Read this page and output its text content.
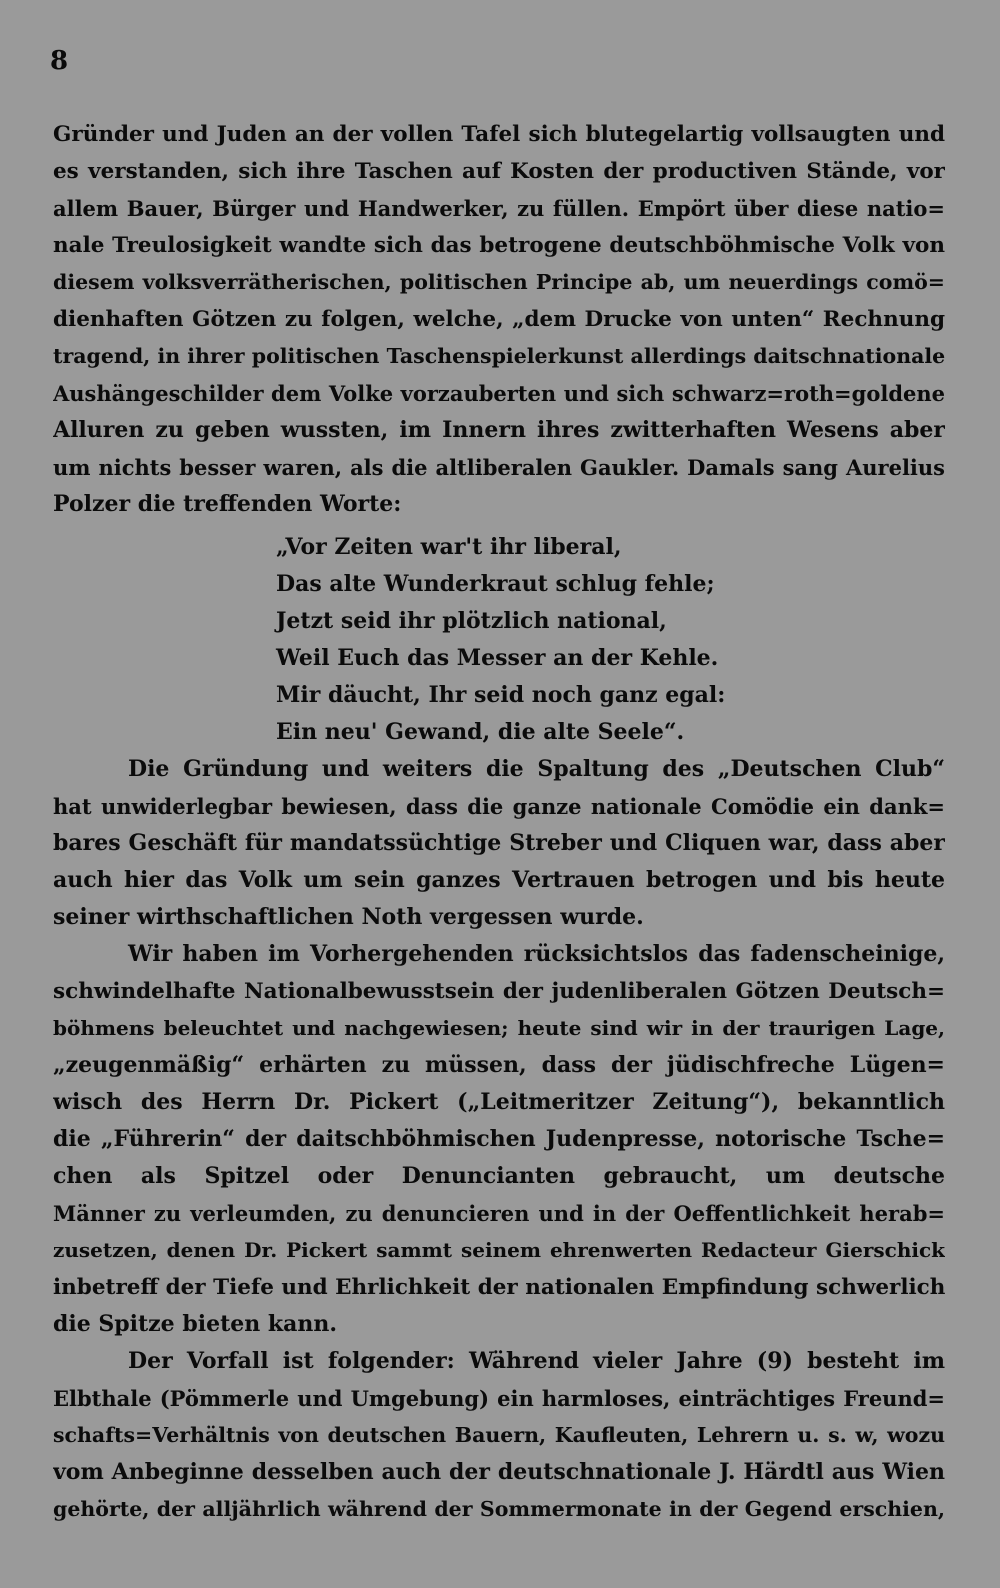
8
Gründer und Juden an der vollen Tafel sich blutegelartig vollsaugten und
es verstanden, sich ihre Taschen auf Kosten der productiven Stände, vor
allem Bauer, Bürger und Handwerker, zu füllen. Empört über diese natio=
nale Treulosigkeit wandte sich das betrogene deutschböhmische Volk von
diesem volksverrätherischen, politischen Principe ab, um neuerdings comö=
dienhaften Götzen zu folgen, welche, „dem Drucke von unten“ Rechnung
tragend, in ihrer politischen Taschenspielerkunst allerdings daitschnationale
Aushängeschilder dem Volke vorzauberten und sich schwarz=roth=goldene
Alluren zu geben wussten, im Innern ihres zwitterhaften Wesens aber
um nichts besser waren, als die altliberalen Gaukler. Damals sang Aurelius
Polzer die treffenden Worte:
„Vor Zeiten war't ihr liberal,
Das alte Wunderkraut schlug fehle;
Jetzt seid ihr plötzlich national,
Weil Euch das Messer an der Kehle.
Mir däucht, Ihr seid noch ganz egal:
Ein neu' Gewand, die alte Seele“.
Die Gründung und weiters die Spaltung des „Deutschen Club“
hat unwiderlegbar bewiesen, dass die ganze nationale Comödie ein dank=
bares Geschäft für mandatssüchtige Streber und Cliquen war, dass aber
auch hier das Volk um sein ganzes Vertrauen betrogen und bis heute
seiner wirthschaftlichen Noth vergessen wurde.
Wir haben im Vorhergehenden rücksichtslos das fadenscheinige,
schwindelhafte Nationalbewusstsein der judenliberalen Götzen Deutsch=
böhmens beleuchtet und nachgewiesen; heute sind wir in der traurigen Lage,
„zeugenmäßig“ erhärten zu müssen, dass der jüdischfreche Lügen=
wisch des Herrn Dr. Pickert („Leitmeritzer Zeitung“), bekanntlich
die „Führerin“ der daitschböhmischen Judenpresse, notorische Tsche=
chen als Spitzel oder Denuncianten gebraucht, um deutsche
Männer zu verleumden, zu denuncieren und in der Oeffentlichkeit herab=
zusetzen, denen Dr. Pickert sammt seinem ehrenwerten Redacteur Gierschick
inbetreff der Tiefe und Ehrlichkeit der nationalen Empfindung schwerlich
die Spitze bieten kann.
Der Vorfall ist folgender: Während vieler Jahre (9) besteht im
Elbthale (Pömmerle und Umgebung) ein harmloses, einträchtiges Freund=
schafts=Verhältnis von deutschen Bauern, Kaufleuten, Lehrern u. s. w, wozu
vom Anbeginne desselben auch der deutschnationale J. Härdtl aus Wien
gehörte, der alljährlich während der Sommermonate in der Gegend erschien,
